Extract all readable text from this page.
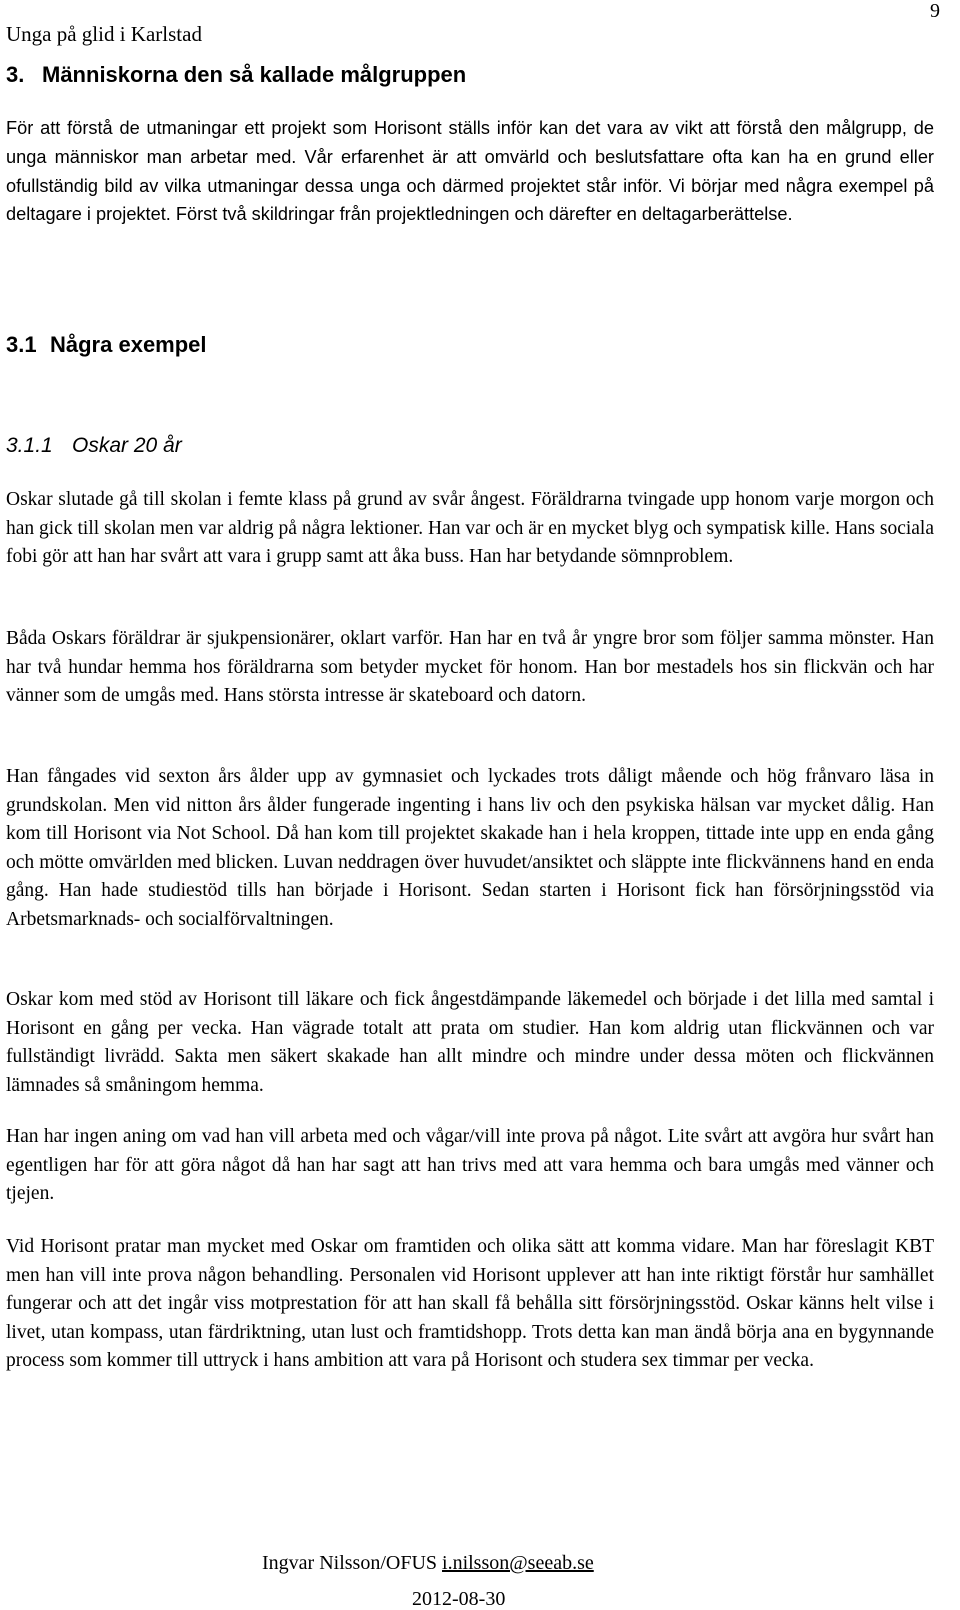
Unga på glid i Karlstad
9
3. Människorna den så kallade målgruppen

För att förstå de utmaningar ett projekt som Horisont ställs inför kan det vara av vikt att förstå den målgrupp, de unga människor man arbetar med. Vår erfarenhet är att omvärld och beslutsfattare ofta kan ha en grund eller ofullständig bild av vilka utmaningar dessa unga och därmed projektet står inför. Vi börjar med några exempel på deltagare i projektet. Först två skildringar från projektledningen och därefter en deltagarberättelse.

3.1 Några exempel
3.1.1 Oskar 20 år

Oskar slutade gå till skolan i femte klass på grund av svår ångest. Föräldrarna tvingade upp honom varje morgon och han gick till skolan men var aldrig på några lektioner. Han var och är en mycket blyg och sympatisk kille. Hans sociala fobi gör att han har svårt att vara i grupp samt att åka buss. Han har betydande sömnproblem.

Båda Oskars föräldrar är sjukpensionärer, oklart varför. Han har en två år yngre bror som följer samma mönster. Han har två hundar hemma hos föräldrarna som betyder mycket för honom. Han bor mestadels hos sin flickvän och har vänner som de umgås med. Hans största intresse är skateboard och datorn.

Han fångades vid sexton års ålder upp av gymnasiet och lyckades trots dåligt mående och hög frånvaro läsa in grundskolan. Men vid nitton års ålder fungerade ingenting i hans liv och den psykiska hälsan var mycket dålig. Han kom till Horisont via Not School. Då han kom till projektet skakade han i hela kroppen, tittade inte upp en enda gång och mötte omvärlden med blicken. Luvan neddragen över huvudet/ansiktet och släppte inte flickvännens hand en enda gång. Han hade studiestöd tills han började i Horisont. Sedan starten i Horisont fick han försörjningsstöd via Arbetsmarknads- och socialförvaltningen.

Oskar kom med stöd av Horisont till läkare och fick ångestdämpande läkemedel och började i det lilla med samtal i Horisont en gång per vecka. Han vägrade totalt att prata om studier. Han kom aldrig utan flickvännen och var fullständigt livrädd. Sakta men säkert skakade han allt mindre och mindre under dessa möten och flickvännen lämnades så småningom hemma.

Han har ingen aning om vad han vill arbeta med och vågar/vill inte prova på något. Lite svårt att avgöra hur svårt han egentligen har för att göra något då han har sagt att han trivs med att vara hemma och bara umgås med vänner och tjejen.

Vid Horisont pratar man mycket med Oskar om framtiden och olika sätt att komma vidare. Man har föreslagit KBT men han vill inte prova någon behandling. Personalen vid Horisont upplever att han inte riktigt förstår hur samhället fungerar och att det ingår viss motprestation för att han skall få behålla sitt försörjningsstöd. Oskar känns helt vilse i livet, utan kompass, utan färdriktning, utan lust och framtidshopp. Trots detta kan man ändå börja ana en bygynnande process som kommer till uttryck i hans ambition att vara på Horisont och studera sex timmar per vecka.

Ingvar Nilsson/OFUS i.nilsson@seeab.se
2012-08-30
